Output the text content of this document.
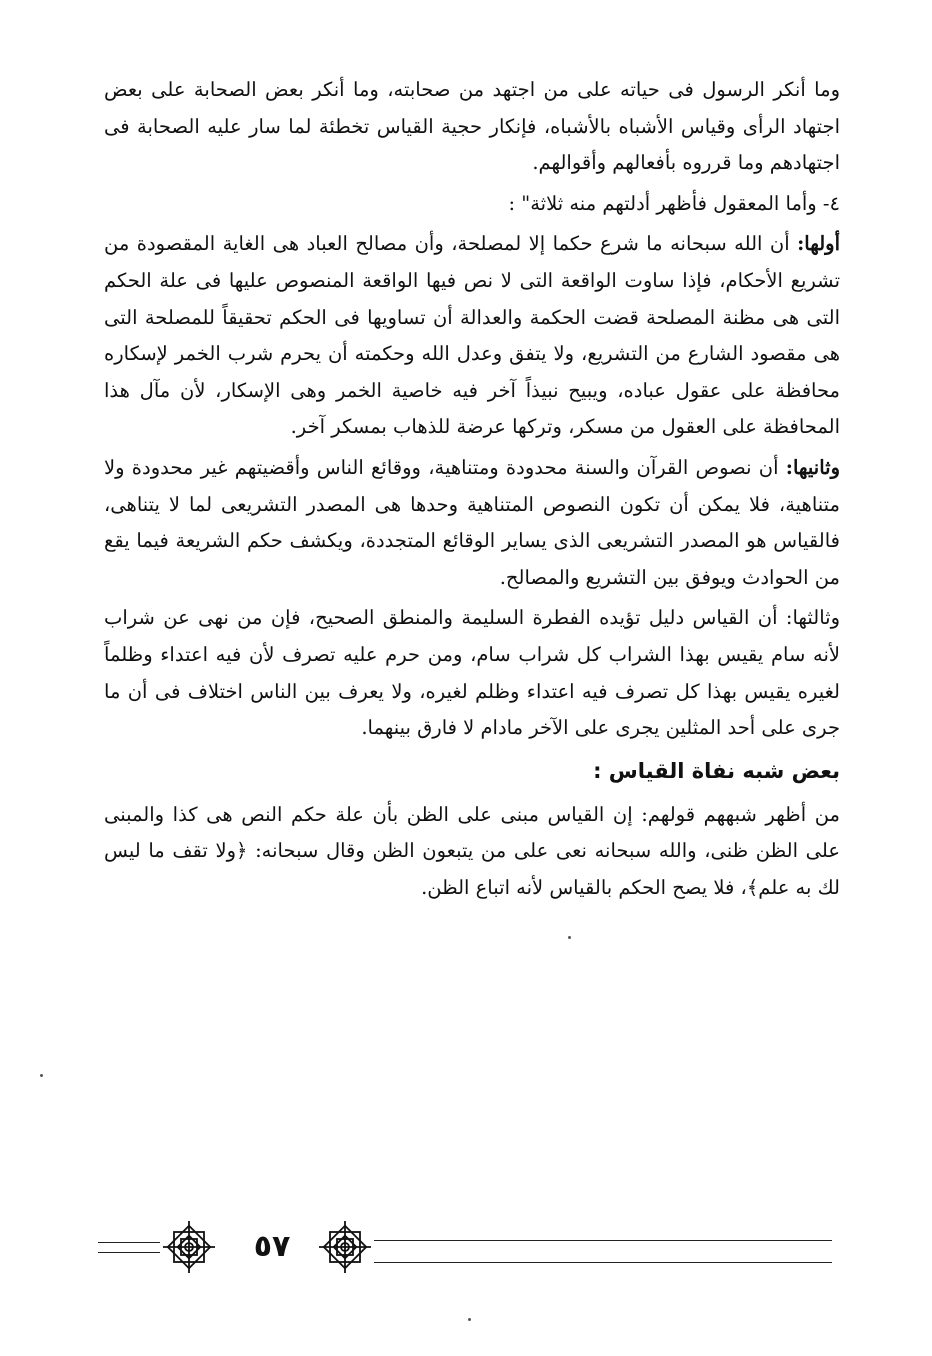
وما أنكر الرسول فى حياته على من اجتهد من صحابته، وما أنكر بعض الصحابة على بعض اجتهاد الرأى وقياس الأشباه بالأشباه، فإنكار حجية القياس تخطئة لما سار عليه الصحابة فى اجتهادهم وما قرروه بأفعالهم وأقوالهم.

٤- وأما المعقول فأظهر أدلتهم منه ثلاثة" :

أولها: أن الله سبحانه ما شرع حكما إلا لمصلحة، وأن مصالح العباد هى الغاية المقصودة من تشريع الأحكام، فإذا ساوت الواقعة التى لا نص فيها الواقعة المنصوص عليها فى علة الحكم التى هى مظنة المصلحة قضت الحكمة والعدالة أن تساويها فى الحكم تحقيقاً للمصلحة التى هى مقصود الشارع من التشريع، ولا يتفق وعدل الله وحكمته أن يحرم شرب الخمر لإسكاره محافظة على عقول عباده، ويبيح نبيذاً آخر فيه خاصية الخمر وهى الإسكار، لأن مآل هذا المحافظة على العقول من مسكر، وتركها عرضة للذهاب بمسكر آخر.

وثانيها: أن نصوص القرآن والسنة محدودة ومتناهية، ووقائع الناس وأقضيتهم غير محدودة ولا متناهية، فلا يمكن أن تكون النصوص المتناهية وحدها هى المصدر التشريعى لما لا يتناهى، فالقياس هو المصدر التشريعى الذى يساير الوقائع المتجددة، ويكشف حكم الشريعة فيما يقع من الحوادث ويوفق بين التشريع والمصالح.

وثالثها: أن القياس دليل تؤيده الفطرة السليمة والمنطق الصحيح، فإن من نهى عن شراب لأنه سام يقيس بهذا الشراب كل شراب سام، ومن حرم عليه تصرف لأن فيه اعتداء وظلماً لغيره يقيس بهذا كل تصرف فيه اعتداء وظلم لغيره، ولا يعرف بين الناس اختلاف فى أن ما جرى على أحد المثلين يجرى على الآخر مادام لا فارق بينهما.

بعض شبه نفاة القياس :

من أظهر شبههم قولهم: إن القياس مبنى على الظن بأن علة حكم النص هى كذا والمبنى على الظن ظنى، والله سبحانه نعى على من يتبعون الظن وقال سبحانه: ﴿ولا تقف ما ليس لك به علم﴾، فلا يصح الحكم بالقياس لأنه اتباع الظن.

٥٧
